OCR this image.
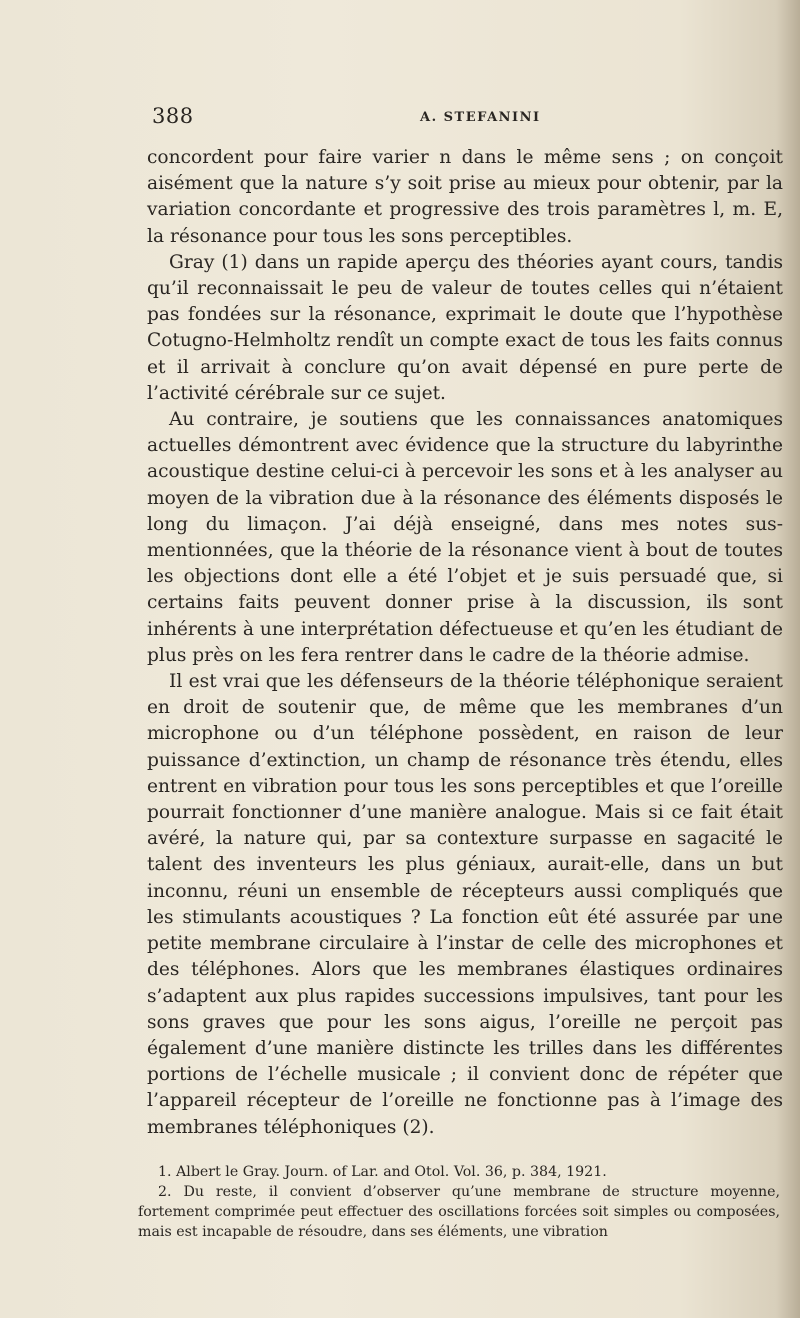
388	A. STEFANINI

concordent pour faire varier n dans le même sens ; on conçoit aisément que la nature s’y soit prise au mieux pour obtenir, par la variation concordante et progressive des trois paramètres l, m. E, la résonance pour tous les sons perceptibles.

Gray (1) dans un rapide aperçu des théories ayant cours, tandis qu’il reconnaissait le peu de valeur de toutes celles qui n’étaient pas fondées sur la résonance, exprimait le doute que l’hypothèse Cotugno-Helmholtz rendît un compte exact de tous les faits connus et il arrivait à conclure qu’on avait dépensé en pure perte de l’activité cérébrale sur ce sujet.

Au contraire, je soutiens que les connaissances anatomiques actuelles démontrent avec évidence que la structure du labyrinthe acoustique destine celui-ci à percevoir les sons et à les analyser au moyen de la vibration due à la résonance des éléments disposés le long du limaçon. J’ai déjà enseigné, dans mes notes sus-mentionnées, que la théorie de la résonance vient à bout de toutes les objections dont elle a été l’objet et je suis persuadé que, si certains faits peuvent donner prise à la discussion, ils sont inhérents à une interprétation défectueuse et qu’en les étudiant de plus près on les fera rentrer dans le cadre de la théorie admise.

Il est vrai que les défenseurs de la théorie téléphonique seraient en droit de soutenir que, de même que les membranes d’un microphone ou d’un téléphone possèdent, en raison de leur puissance d’extinction, un champ de résonance très étendu, elles entrent en vibration pour tous les sons perceptibles et que l’oreille pourrait fonctionner d’une manière analogue. Mais si ce fait était avéré, la nature qui, par sa contexture surpasse en sagacité le talent des inventeurs les plus géniaux, aurait-elle, dans un but inconnu, réuni un ensemble de récepteurs aussi compliqués que les stimulants acoustiques ? La fonction eût été assurée par une petite membrane circulaire à l’instar de celle des microphones et des téléphones. Alors que les membranes élastiques ordinaires s’adaptent aux plus rapides successions impulsives, tant pour les sons graves que pour les sons aigus, l’oreille ne perçoit pas également d’une manière distincte les trilles dans les différentes portions de l’échelle musicale ; il convient donc de répéter que l’appareil récepteur de l’oreille ne fonctionne pas à l’image des membranes téléphoniques (2).

1. Albert le Gray. Journ. of Lar. and Otol. Vol. 36, p. 384, 1921.

2. Du reste, il convient d’observer qu’une membrane de structure moyenne, fortement comprimée peut effectuer des oscillations forcées soit simples ou composées, mais est incapable de résoudre, dans ses éléments, une vibration
